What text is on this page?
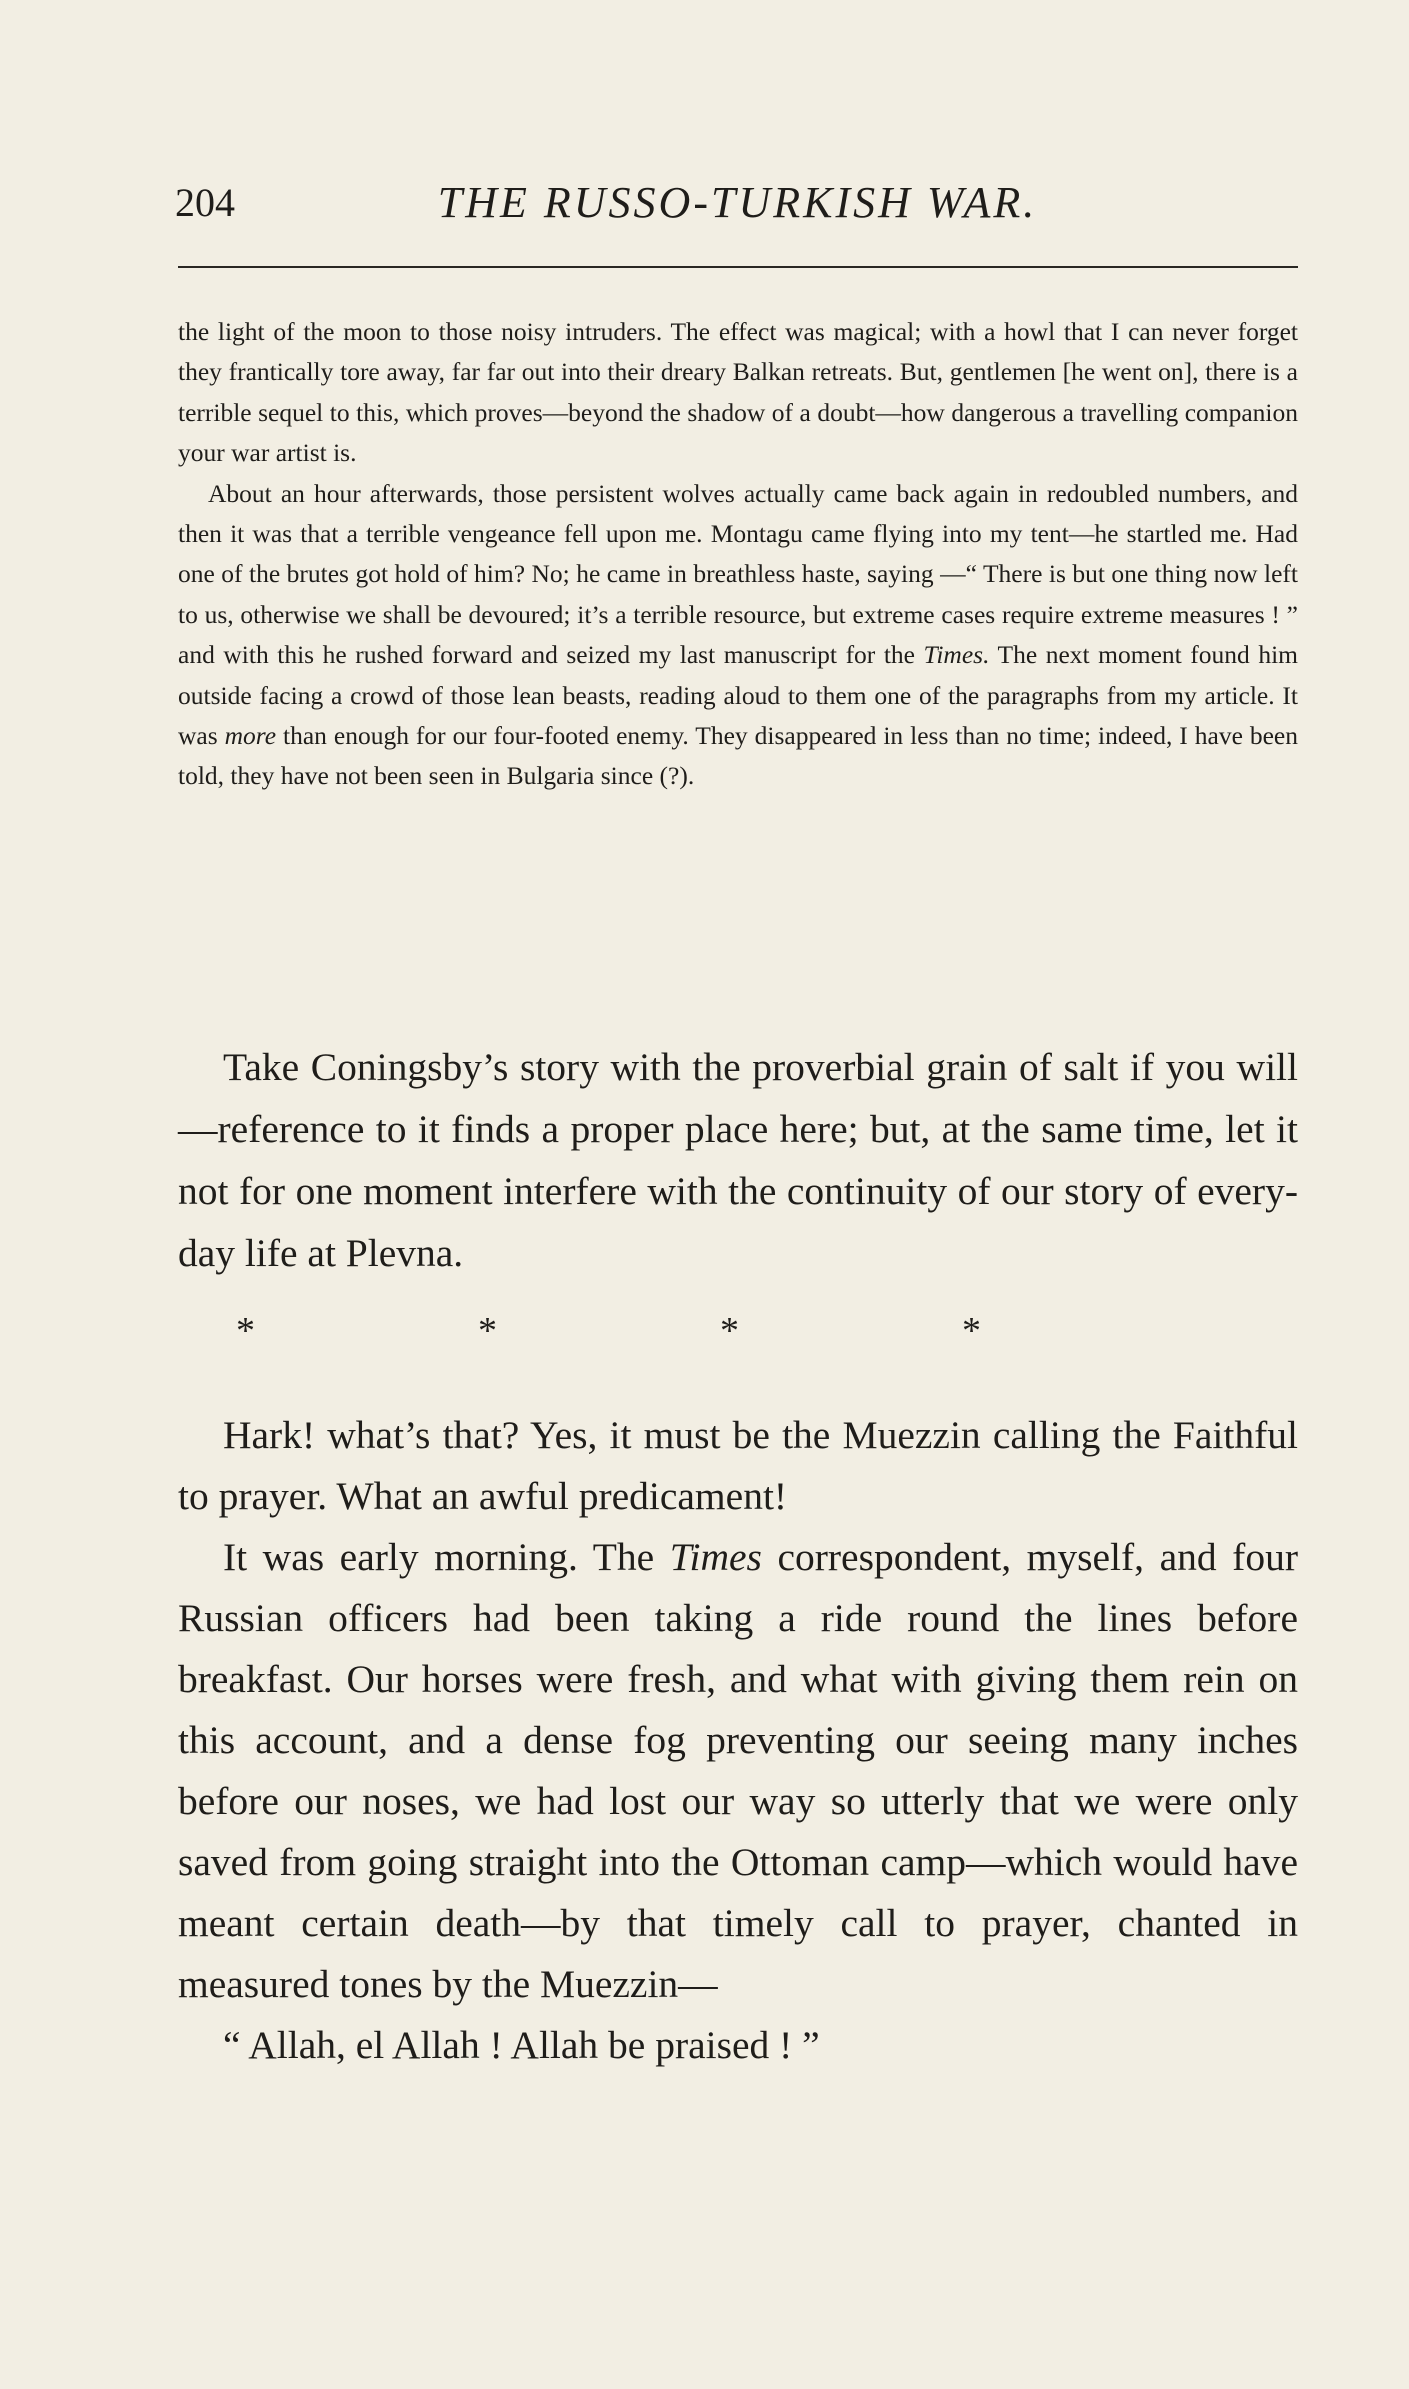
204	THE RUSSO-TURKISH WAR.

the light of the moon to those noisy intruders. The effect was magical; with a howl that I can never forget they frantically tore away, far far out into their dreary Balkan retreats. But, gentlemen [he went on], there is a terrible sequel to this, which proves—beyond the shadow of a doubt—how dangerous a travelling companion your war artist is.

About an hour afterwards, those persistent wolves actually came back again in redoubled numbers, and then it was that a terrible vengeance fell upon me. Montagu came flying into my tent—he startled me. Had one of the brutes got hold of him? No; he came in breathless haste, saying —“ There is but one thing now left to us, otherwise we shall be devoured; it’s a terrible resource, but extreme cases require extreme measures ! ” and with this he rushed forward and seized my last manuscript for the Times. The next moment found him outside facing a crowd of those lean beasts, reading aloud to them one of the paragraphs from my article. It was more than enough for our four-footed enemy. They disappeared in less than no time; indeed, I have been told, they have not been seen in Bulgaria since (?).

Take Coningsby’s story with the proverbial grain of salt if you will—reference to it finds a proper place here; but, at the same time, let it not for one moment interfere with the continuity of our story of every-day life at Plevna.

*	*	*	*

Hark! what’s that? Yes, it must be the Muezzin calling the Faithful to prayer. What an awful predicament!

It was early morning. The Times correspondent, myself, and four Russian officers had been taking a ride round the lines before breakfast. Our horses were fresh, and what with giving them rein on this account, and a dense fog preventing our seeing many inches before our noses, we had lost our way so utterly that we were only saved from going straight into the Ottoman camp—which would have meant certain death—by that timely call to prayer, chanted in measured tones by the Muezzin—

“ Allah, el Allah ! Allah be praised ! ”
